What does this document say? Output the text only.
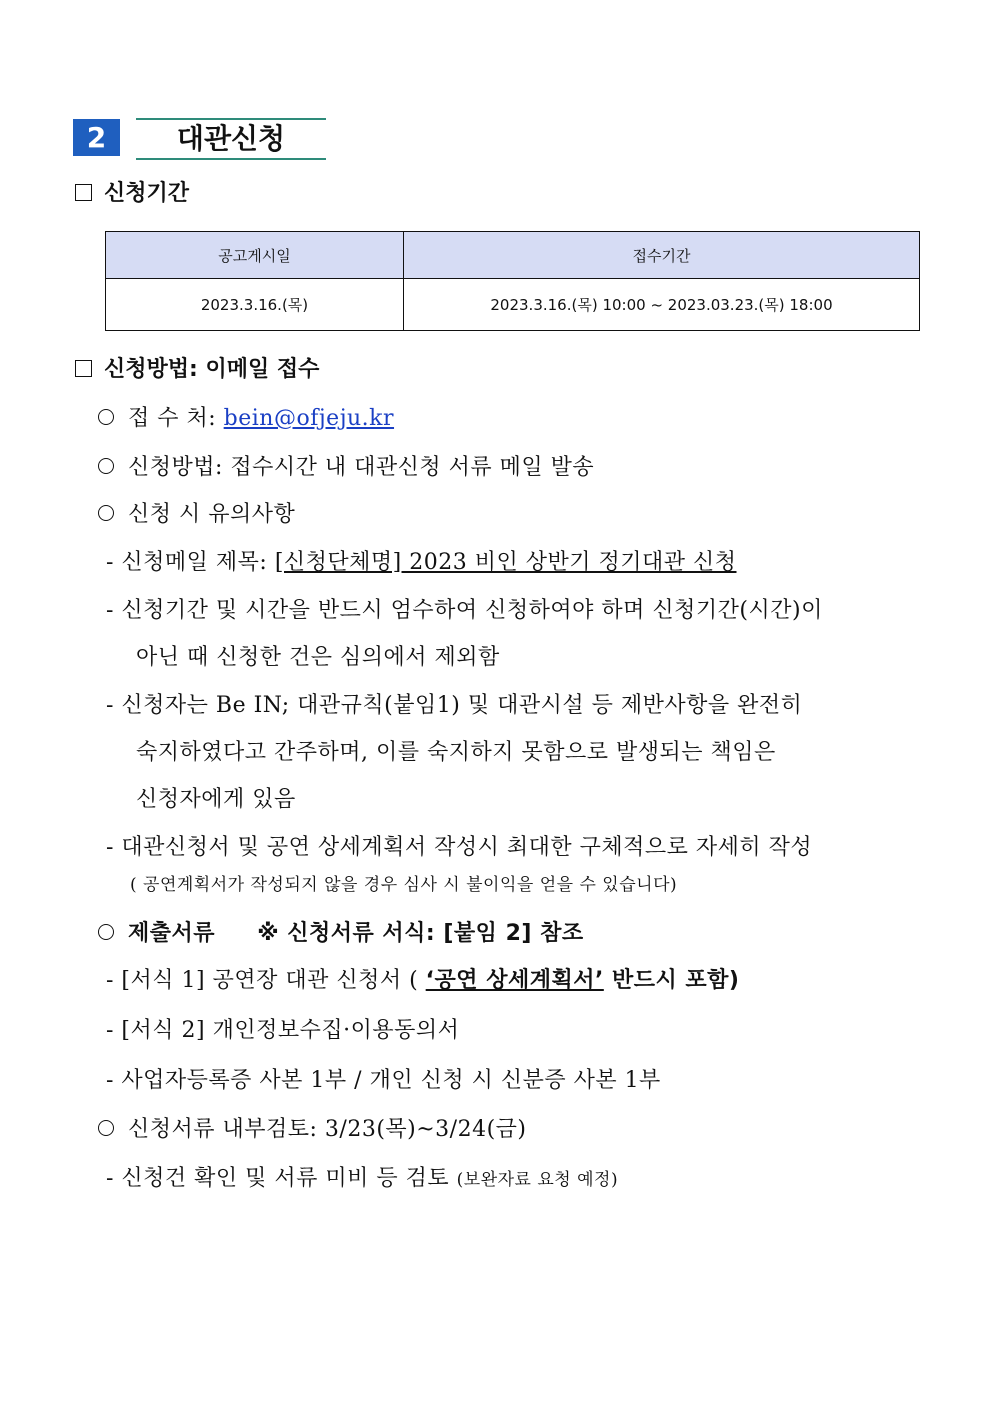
2	대관신청
신청기간
공고게시일	접수기간
2023.3.16.(목)	2023.3.16.(목) 10:00 ~ 2023.03.23.(목) 18:00
신청방법: 이메일 접수
접 수 처: bein@ofjeju.kr
신청방법: 접수시간 내 대관신청 서류 메일 발송
신청 시 유의사항
- 신청메일 제목: [신청단체명] 2023 비인 상반기 정기대관 신청
- 신청기간 및 시간을 반드시 엄수하여 신청하여야 하며 신청기간(시간)이
아닌 때 신청한 건은 심의에서 제외함
- 신청자는 Be IN; 대관규칙(붙임1) 및 대관시설 등 제반사항을 완전히
숙지하였다고 간주하며, 이를 숙지하지 못함으로 발생되는 책임은
신청자에게 있음
- 대관신청서 및 공연 상세계획서 작성시 최대한 구체적으로 자세히 작성
( 공연계획서가 작성되지 않을 경우 심사 시 불이익을 얻을 수 있습니다)
제출서류 ※ 신청서류 서식: [붙임 2] 참조
- [서식 1] 공연장 대관 신청서 ( ‘공연 상세계획서’ 반드시 포함)
- [서식 2] 개인정보수집·이용동의서
- 사업자등록증 사본 1부 / 개인 신청 시 신분증 사본 1부
신청서류 내부검토: 3/23(목)~3/24(금)
- 신청건 확인 및 서류 미비 등 검토 (보완자료 요청 예정)
